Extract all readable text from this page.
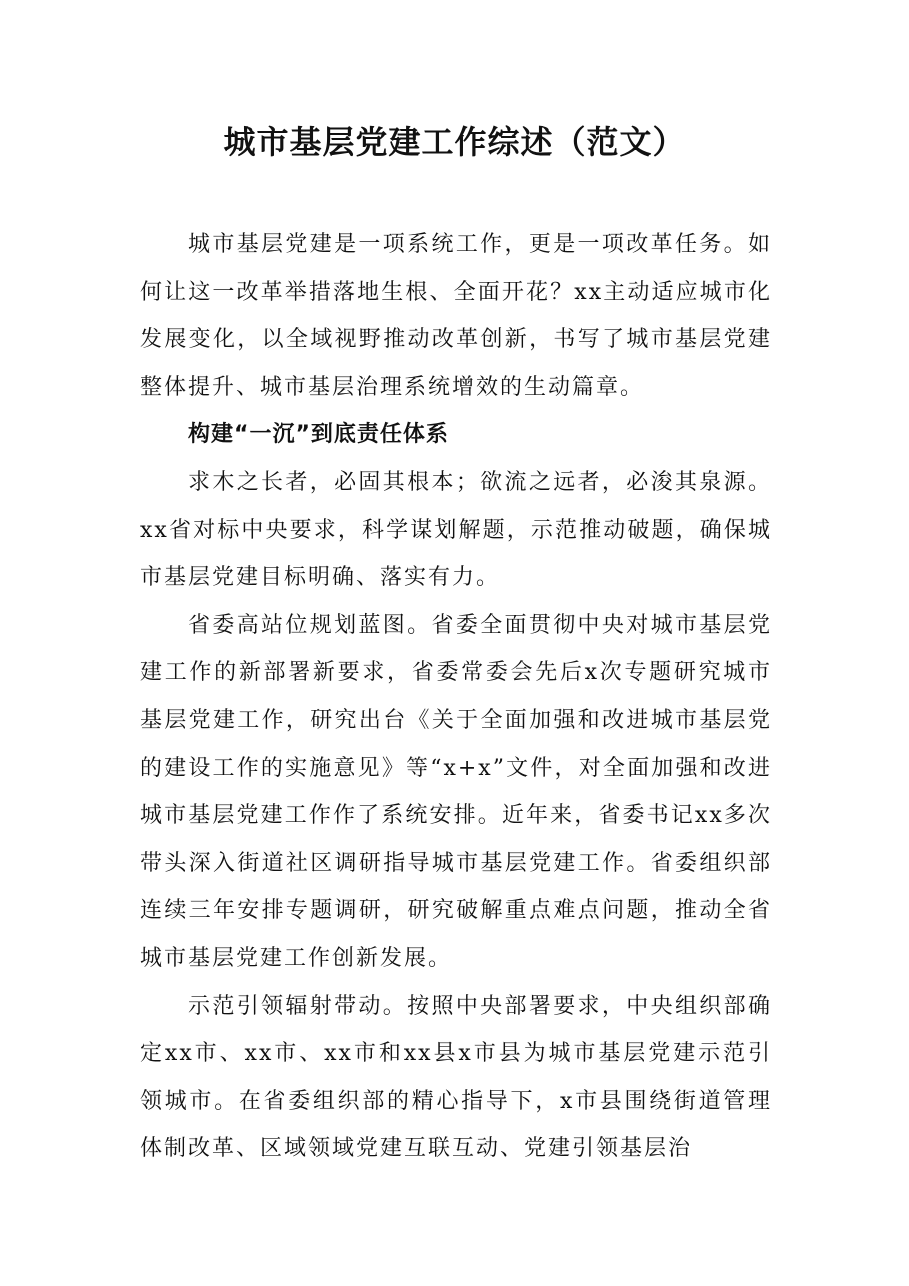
城市基层党建工作综述（范文）

城市基层党建是一项系统工作，更是一项改革任务。如何让这一改革举措落地生根、全面开花？xx主动适应城市化发展变化，以全域视野推动改革创新，书写了城市基层党建整体提升、城市基层治理系统增效的生动篇章。

构建“一沉”到底责任体系

求木之长者，必固其根本；欲流之远者，必浚其泉源。xx省对标中央要求，科学谋划解题，示范推动破题，确保城市基层党建目标明确、落实有力。

省委高站位规划蓝图。省委全面贯彻中央对城市基层党建工作的新部署新要求，省委常委会先后x次专题研究城市基层党建工作，研究出台《关于全面加强和改进城市基层党的建设工作的实施意见》等“x+x”文件，对全面加强和改进城市基层党建工作作了系统安排。近年来，省委书记xx多次带头深入街道社区调研指导城市基层党建工作。省委组织部连续三年安排专题调研，研究破解重点难点问题，推动全省城市基层党建工作创新发展。

示范引领辐射带动。按照中央部署要求，中央组织部确定xx市、xx市、xx市和xx县x市县为城市基层党建示范引领城市。在省委组织部的精心指导下，x市县围绕街道管理体制改革、区域领域党建互联互动、党建引领基层治
